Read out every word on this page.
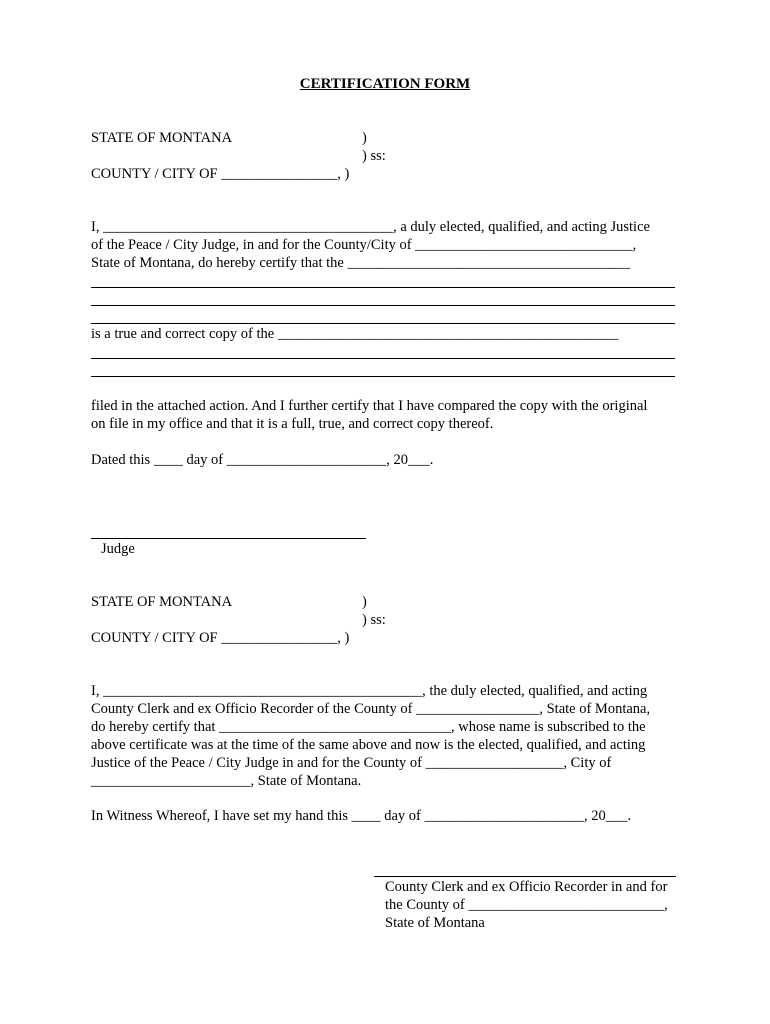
CERTIFICATION FORM
STATE OF MONTANA	)
) ss:
COUNTY / CITY OF ________________, )
I, ________________________________________, a duly elected, qualified, and acting Justice
of the Peace / City Judge, in and for the County/City of ______________________________,
State of Montana, do hereby certify that the _______________________________________
is a true and correct copy of the _______________________________________________
filed in the attached action. And I further certify that I have compared the copy with the original
on file in my office and that it is a full, true, and correct copy thereof.
Dated this ____ day of ______________________, 20___.
Judge
STATE OF MONTANA	)
) ss:
COUNTY / CITY OF ________________, )
I, ____________________________________________, the duly elected, qualified, and acting
County Clerk and ex Officio Recorder of the County of _________________, State of Montana,
do hereby certify that ________________________________, whose name is subscribed to the
above certificate was at the time of the same above and now is the elected, qualified, and acting
Justice of the Peace / City Judge in and for the County of ___________________, City of
______________________, State of Montana.
In Witness Whereof, I have set my hand this ____ day of ______________________, 20___.
County Clerk and ex Officio Recorder in and for
the County of ___________________________,
State of Montana
